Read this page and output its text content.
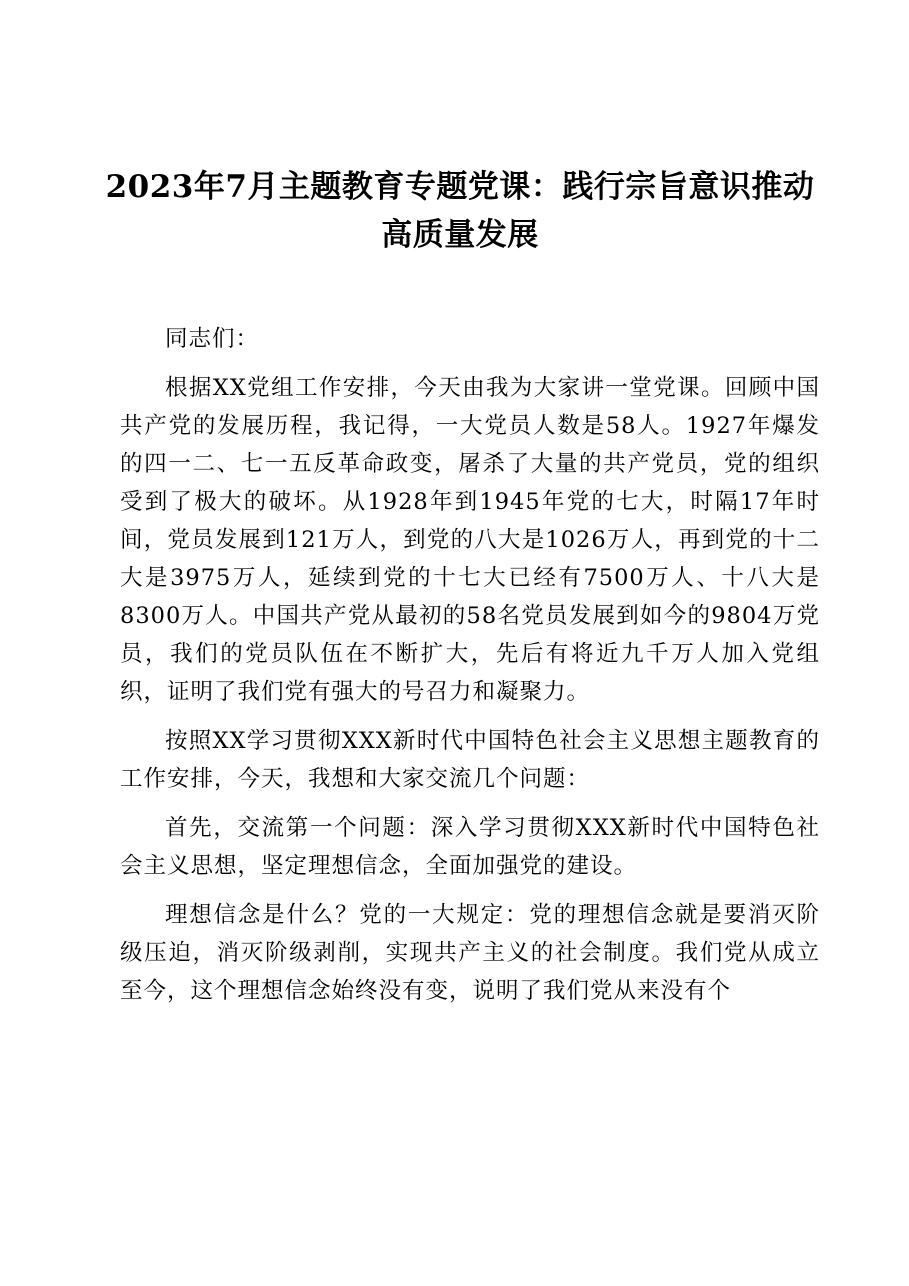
2023年7月主题教育专题党课：践行宗旨意识推动高质量发展

同志们：

根据XX党组工作安排，今天由我为大家讲一堂党课。回顾中国共产党的发展历程，我记得，一大党员人数是58人。1927年爆发的四一二、七一五反革命政变，屠杀了大量的共产党员，党的组织受到了极大的破坏。从1928年到1945年党的七大，时隔17年时间，党员发展到121万人，到党的八大是1026万人，再到党的十二大是3975万人，延续到党的十七大已经有7500万人、十八大是8300万人。中国共产党从最初的58名党员发展到如今的9804万党员，我们的党员队伍在不断扩大，先后有将近九千万人加入党组织，证明了我们党有强大的号召力和凝聚力。

按照XX学习贯彻XXX新时代中国特色社会主义思想主题教育的工作安排，今天，我想和大家交流几个问题：

首先，交流第一个问题：深入学习贯彻XXX新时代中国特色社会主义思想，坚定理想信念，全面加强党的建设。

理想信念是什么？党的一大规定：党的理想信念就是要消灭阶级压迫，消灭阶级剥削，实现共产主义的社会制度。我们党从成立至今，这个理想信念始终没有变，说明了我们党从来没有个
